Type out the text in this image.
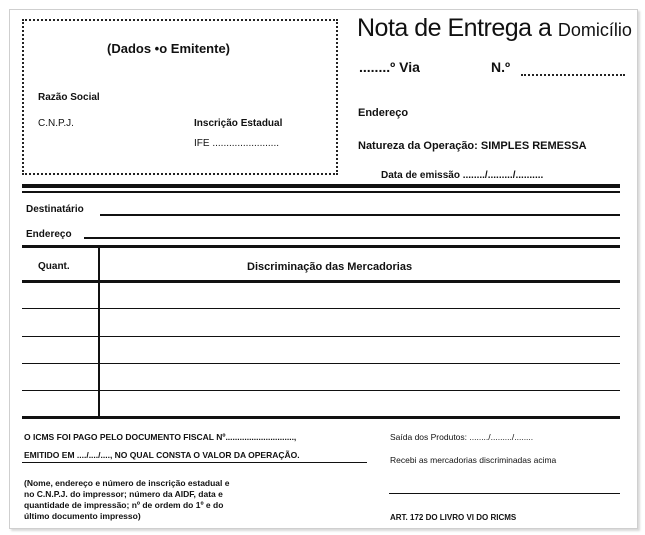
(Dados •o Emitente)
Razão Social
C.N.P.J.	Inscrição Estadual
IFE ........................
Nota de Entrega a Domicílio
........º Via	N.º
Endereço
Natureza da Operação: SIMPLES REMESSA
Data de emissão ......../........./..........
Destinatário
Endereço
Quant.	Discriminação das Mercadorias
O ICMS FOI PAGO PELO DOCUMENTO FISCAL Nº.............................,
EMITIDO EM ..../..../...., NO QUAL CONSTA O VALOR DA OPERAÇÃO.
(Nome, endereço e número de inscrição estadual e
no C.N.P.J. do impressor; número da AIDF, data e
quantidade de impressão; nº de ordem do 1º e do
último documento impresso)
Saída dos Produtos: ......../........./........
Recebi as mercadorias discriminadas acima
ART. 172 DO LIVRO VI DO RICMS
